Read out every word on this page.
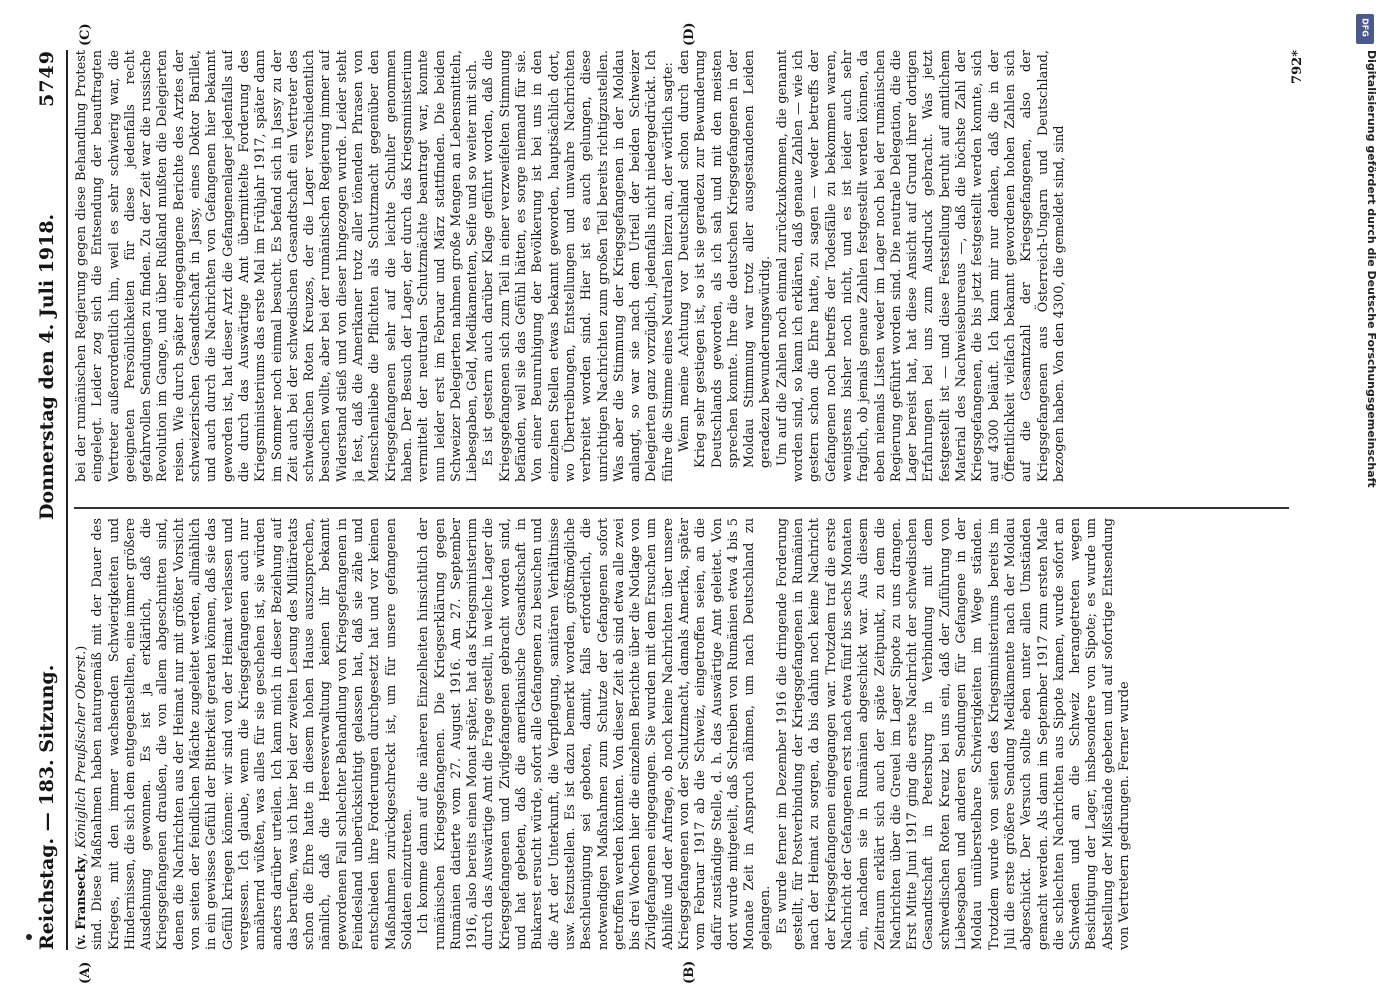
Reichstag. — 183. Sitzung.
Donnerstag den 4. Juli 1918.
5749
(A)	(B)
(C)	(D)

(v. Fransecky, Königlich Preußischer Oberst.) sind. Diese Maßnahmen haben naturgemäß mit der Dauer des Krieges, mit den immer wachsenden Schwierigkeiten und Hindernissen, die sich dem entgegenstellten, eine immer größere Ausdehnung gewonnen. Es ist ja erklärlich, daß die Kriegsgefangenen draußen, die von allem abgeschnitten sind, denen die Nachrichten aus der Heimat nur mit größter Vorsicht von seiten der feindlichen Mächte zugeleitet werden, allmählich in ein gewisses Gefühl der Bitterkeit geraten können, daß sie das Gefühl kriegen können: wir sind von der Heimat verlassen und vergessen. Ich glaube, wenn die Kriegsgefangenen auch nur annähernd wüßten, was alles für sie geschehen ist, sie würden anders darüber urteilen. Ich kann mich in dieser Beziehung auf das berufen, was ich hier bei der zweiten Lesung des Militäretats schon die Ehre hatte in diesem hohen Hause auszusprechen, nämlich, daß die Heeresverwaltung keinen ihr bekannt gewordenen Fall schlechter Behandlung von Kriegsgefangenen in Feindesland unberücksichtigt gelassen hat, daß sie zähe und entschieden ihre Forderungen durchgesetzt hat und vor keinen Maßnahmen zurückgeschreckt ist, um für unsere gefangenen Soldaten einzutreten. Ich komme dann auf die näheren Einzelheiten hinsichtlich der rumänischen Kriegsgefangenen. Die Kriegserklärung gegen Rumänien datierte vom 27. August 1916. Am 27. September 1916, also bereits einen Monat später, hat das Kriegsministerium durch das Auswärtige Amt die Frage gestellt, in welche Lager die Kriegsgefangenen und Zivilgefangenen gebracht worden sind, und hat gebeten, daß die amerikanische Gesandtschaft in Bukarest ersucht würde, sofort alle Gefangenen zu besuchen und die Art der Unterkunft, die Verpflegung, sanitären Verhältnisse usw. festzustellen. Es ist dazu bemerkt worden, größtmögliche Beschleunigung sei geboten, damit, falls erforderlich, die notwendigen Maßnahmen zum Schutze der Gefangenen sofort getroffen werden könnten. Von dieser Zeit ab sind etwa alle zwei bis drei Wochen hier die einzelnen Berichte über die Notlage von Zivilgefangenen eingegangen. Sie wurden mit dem Ersuchen um Abhilfe und der Anfrage, ob noch keine Nachrichten über unsere Kriegsgefangenen von der Schutzmacht, damals Amerika, später vom Februar 1917 ab die Schweiz, eingetroffen seien, an die dafür zuständige Stelle, d. h. das Auswärtige Amt geleitet. Von dort wurde mitgeteilt, daß Schreiben von Rumänien etwa 4 bis 5 Monate Zeit in Anspruch nähmen, um nach Deutschland zu gelangen. Es wurde ferner im Dezember 1916 die dringende Forderung gestellt, für Postverbindung der Kriegsgefangenen in Rumänien nach der Heimat zu sorgen, da bis dahin noch keine Nachricht der Kriegsgefangenen eingegangen war. Trotzdem traf die erste Nachricht der Gefangenen erst nach etwa fünf bis sechs Monaten ein, nachdem sie in Rumänien abgeschickt war. Aus diesem Zeitraum erklärt sich auch der späte Zeitpunkt, zu dem die Nachrichten über die Greuel im Lager Sipote zu uns drangen. Erst Mitte Juni 1917 ging die erste Nachricht der schwedischen Gesandtschaft in Petersburg in Verbindung mit dem schwedischen Roten Kreuz bei uns ein, daß der Zuführung von Liebesgaben und anderen Sendungen für Gefangene in der Moldau unüberstelbare Schwierigkeiten im Wege ständen. Trotzdem wurde von seiten des Kriegsministeriums bereits im Juli die erste größere Sendung Medikamente nach der Moldau abgeschickt. Der Versuch sollte eben unter allen Umständen gemacht werden. Als dann im September 1917 zum ersten Male die schlechten Nachrichten aus Sipote kamen, wurde sofort an Schweden und an die Schweiz herangetreten wegen Besichtigung der Lager, insbesondere von Sipote; es wurde um Abstellung der Mißstände gebeten und auf sofortige Entsendung von Vertretern gedrungen. Ferner wurde

bei der rumänischen Regierung gegen diese Behandlung Protest eingelegt. Leider zog sich die Entsendung der beauftragten Vertreter außerordentlich hin, weil es sehr schwierig war, die geeigneten Persönlichkeiten für diese jedenfalls recht gefahrvollen Sendungen zu finden. Zu der Zeit war die russische Revolution im Gange, und über Rußland mußten die Delegierten reisen. Wie durch später eingegangene Berichte des Arztes der schweizerischen Gesandtschaft in Jassy, eines Doktor Barillet, und auch durch die Nachrichten von Gefangenen hier bekannt geworden ist, hat dieser Arzt die Gefangenenlager jedenfalls auf die durch das Auswärtige Amt übermittelte Forderung des Kriegsministeriums das erste Mal im Frühjahr 1917, später dann im Sommer noch einmal besucht. Es befand sich in Jassy zu der Zeit auch bei der schwedischen Gesandtschaft ein Vertreter des schwedischen Roten Kreuzes, der die Lager verschiedentlich besuchen wollte, aber bei der rumänischen Regierung immer auf Widerstand stieß und von dieser hingezogen wurde. Leider steht ja fest, daß die Amerikaner trotz aller tönenden Phrasen von Menschenliebe die Pflichten als Schutzmacht gegenüber den Kriegsgefangenen sehr auf die leichte Schulter genommen haben. Der Besuch der Lager, der durch das Kriegsministerium vermittelt der neutralen Schutzmächte beantragt war, konnte nun leider erst im Februar und März stattfinden. Die beiden Schweizer Delegierten nahmen große Mengen an Lebensmitteln, Liebesgaben, Geld, Medikamenten, Seife und so weiter mit sich. Es ist gestern auch darüber Klage geführt worden, daß die Kriegsgefangenen sich zum Teil in einer verzweifelten Stimmung befänden, weil sie das Gefühl hätten, es sorge niemand für sie. Von einer Beunruhigung der Bevölkerung ist bei uns in den einzelnen Stellen etwas bekannt geworden, hauptsächlich dort, wo Übertreibungen, Entstellungen und unwahre Nachrichten verbreitet worden sind. Hier ist es auch gelungen, diese unrichtigen Nachrichten zum großen Teil bereits richtigzustellen. Was aber die Stimmung der Kriegsgefangenen in der Moldau anlangt, so war sie nach dem Urteil der beiden Schweizer Delegierten ganz vorzüglich, jedenfalls nicht niedergedrückt. Ich führe die Stimme eines Neutralen hierzu an, der wörtlich sagte: Wenn meine Achtung vor Deutschland schon durch den Krieg sehr gestiegen ist, so ist sie geradezu zur Bewunderung Deutschlands geworden, als ich sah und mit den meisten sprechen konnte. Ihre die deutschen Kriegsgefangenen in der Moldau Stimmung war trotz aller ausgestandenen Leiden geradezu bewunderungswürdig. Um auf die Zahlen noch einmal zurückzukommen, die genannt worden sind, so kann ich erklären, daß genaue Zahlen — wie ich gestern schon die Ehre hatte, zu sagen — weder betreffs der Gefangenen noch betreffs der Todesfälle zu bekommen waren, wenigstens bisher noch nicht, und es ist leider auch sehr fraglich, ob jemals genaue Zahlen festgestellt werden können, da eben niemals Listen weder im Lager noch bei der rumänischen Regierung geführt worden sind. Die neutrale Delegation, die die Lager bereist hat, hat diese Ansicht auf Grund ihrer dortigen Erfahrungen bei uns zum Ausdruck gebracht. Was jetzt festgestellt ist — und diese Feststellung beruht auf amtlichem Material des Nachweisebureaus —, daß die höchste Zahl der Kriegsgefangenen, die bis jetzt festgestellt werden konnte, sich auf 4300 beläuft. Ich kann mir nur denken, daß die in der Öffentlichkeit vielfach bekannt gewordenen hohen Zahlen sich auf die Gesamtzahl der Kriegsgefangenen, also der Kriegsgefangenen aus Österreich-Ungarn und Deutschland, bezogen haben. Von den 4300, die gemeldet sind, sind

792*
DFG
Digitalisierung gefördert durch die Deutsche Forschungsgemeinschaft
